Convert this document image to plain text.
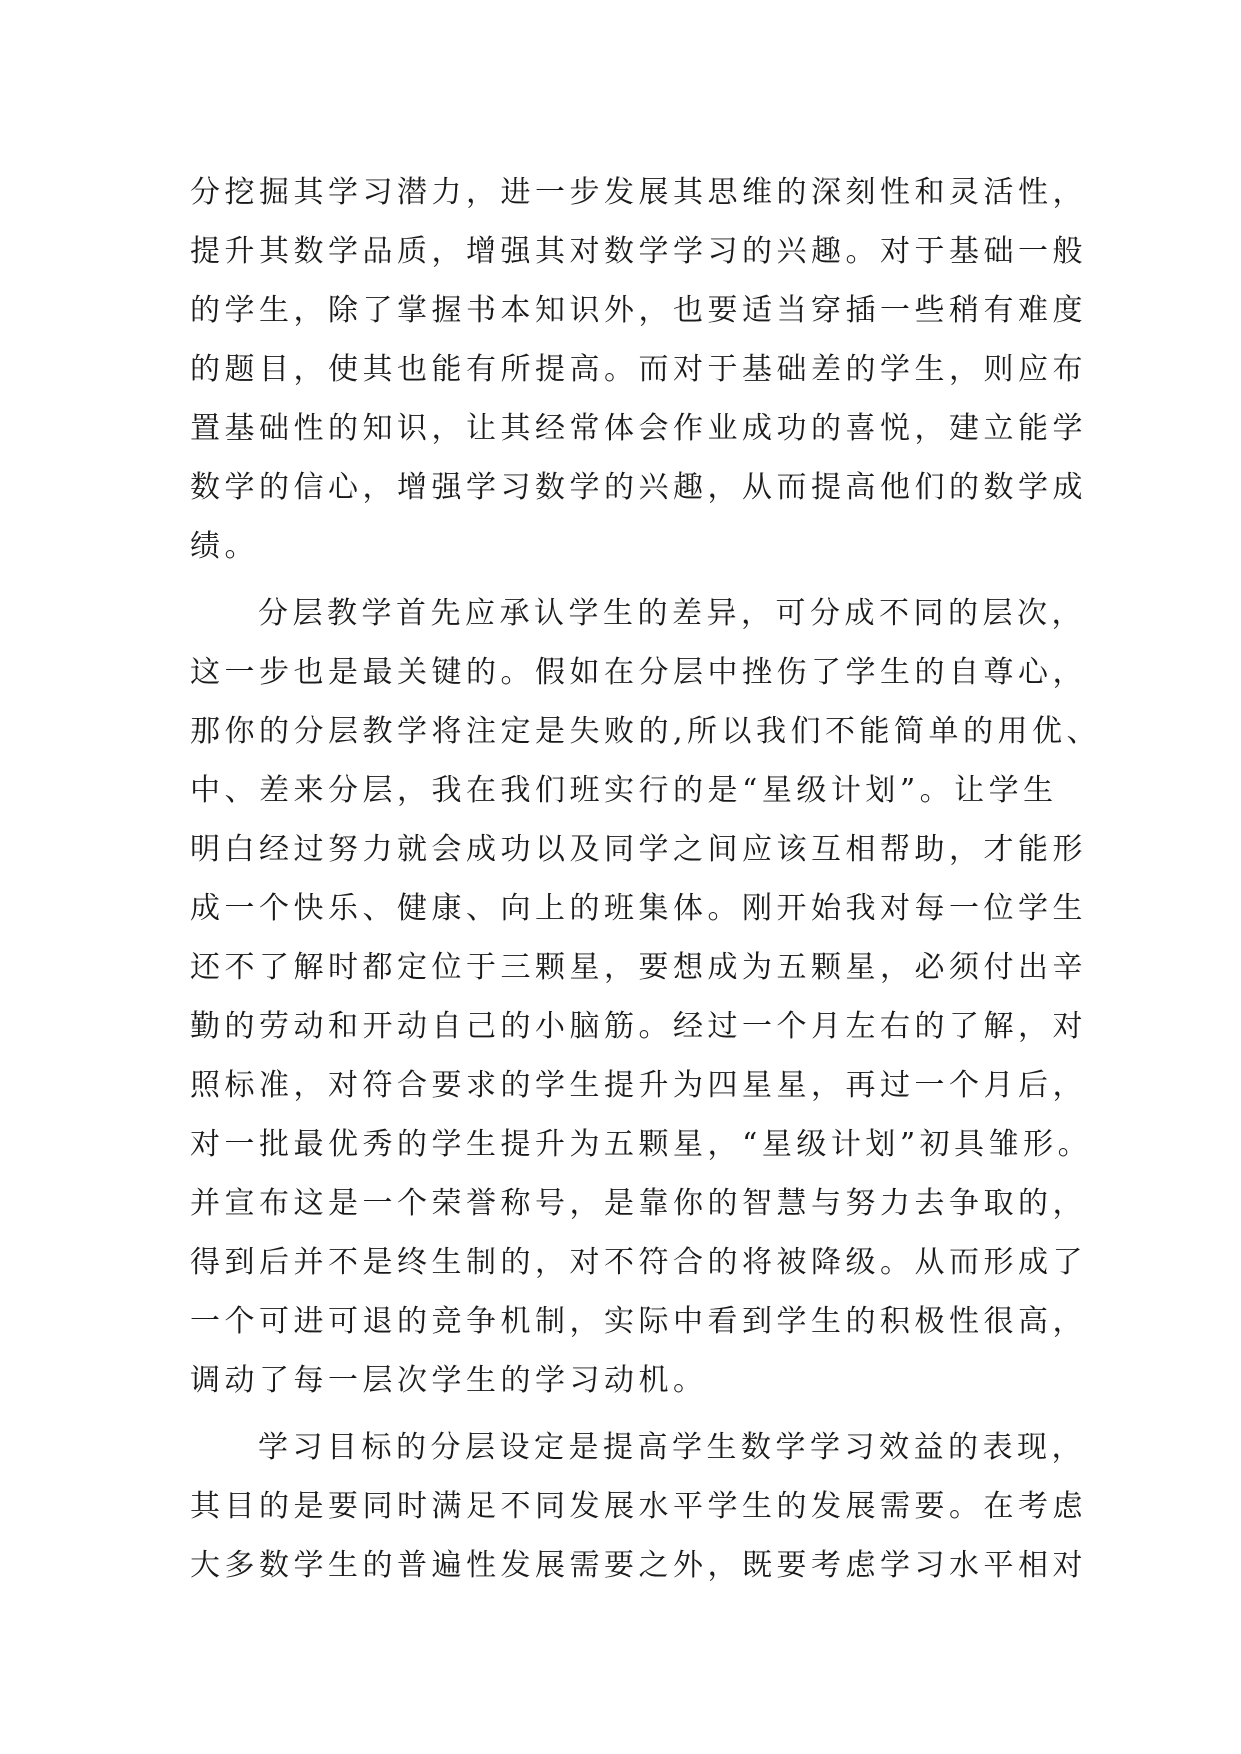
分挖掘其学习潜力，进一步发展其思维的深刻性和灵活性，
提升其数学品质，增强其对数学学习的兴趣。对于基础一般
的学生，除了掌握书本知识外，也要适当穿插一些稍有难度
的题目，使其也能有所提高。而对于基础差的学生，则应布
置基础性的知识，让其经常体会作业成功的喜悦，建立能学
数学的信心，增强学习数学的兴趣，从而提高他们的数学成
绩。
分层教学首先应承认学生的差异，可分成不同的层次，
这一步也是最关键的。假如在分层中挫伤了学生的自尊心，
那你的分层教学将注定是失败的,所以我们不能简单的用优、
中、差来分层，我在我们班实行的是“星级计划”。让学生
明白经过努力就会成功以及同学之间应该互相帮助，才能形
成一个快乐、健康、向上的班集体。刚开始我对每一位学生
还不了解时都定位于三颗星，要想成为五颗星，必须付出辛
勤的劳动和开动自己的小脑筋。经过一个月左右的了解，对
照标准，对符合要求的学生提升为四星星，再过一个月后，
对一批最优秀的学生提升为五颗星，“星级计划”初具雏形。
并宣布这是一个荣誉称号，是靠你的智慧与努力去争取的，
得到后并不是终生制的，对不符合的将被降级。从而形成了
一个可进可退的竞争机制，实际中看到学生的积极性很高，
调动了每一层次学生的学习动机。
学习目标的分层设定是提高学生数学学习效益的表现，
其目的是要同时满足不同发展水平学生的发展需要。在考虑
大多数学生的普遍性发展需要之外，既要考虑学习水平相对
